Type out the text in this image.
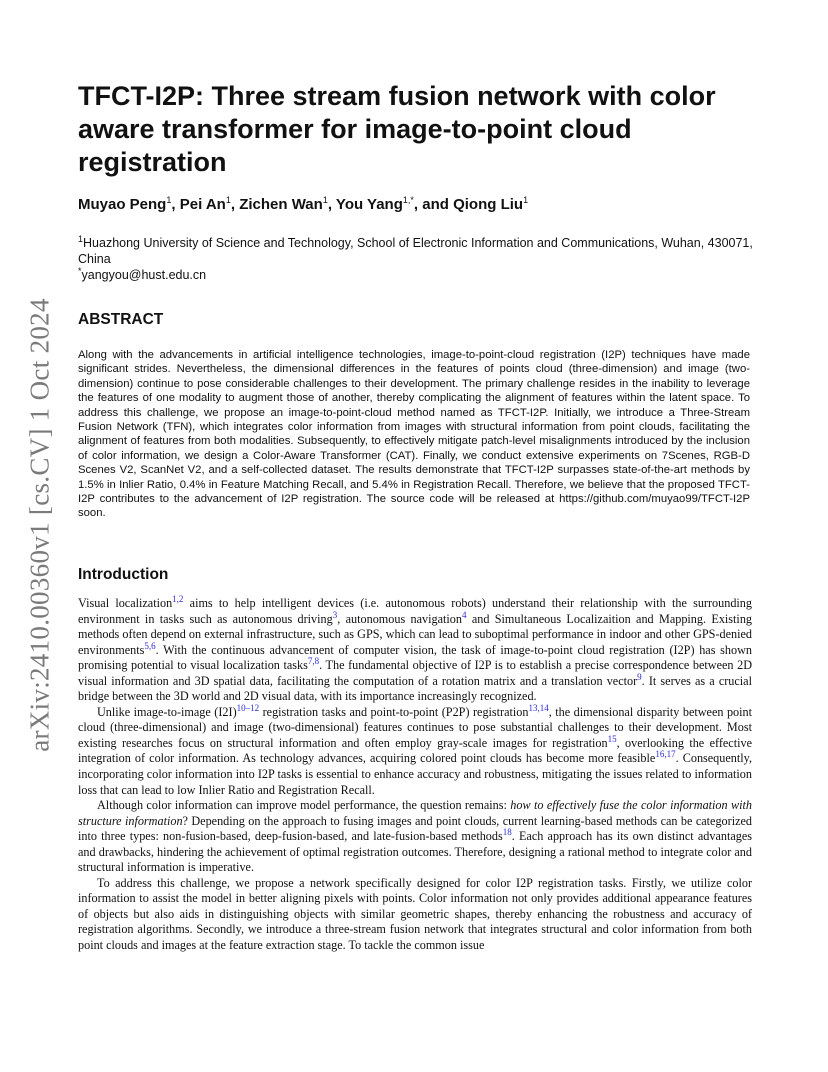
arXiv:2410.00360v1 [cs.CV] 1 Oct 2024
TFCT-I2P: Three stream fusion network with color aware transformer for image-to-point cloud registration
Muyao Peng$^1$, Pei An$^1$, Zichen Wan$^1$, You Yang$^{1,*}$, and Qiong Liu$^1$
$^1$Huazhong University of Science and Technology, School of Electronic Information and Communications, Wuhan, 430071, China
*yangyou@hust.edu.cn
ABSTRACT

Along with the advancements in artificial intelligence technologies, image-to-point-cloud registration (I2P) techniques have made significant strides. Nevertheless, the dimensional differences in the features of points cloud (three-dimension) and image (two-dimension) continue to pose considerable challenges to their development. The primary challenge resides in the inability to leverage the features of one modality to augment those of another, thereby complicating the alignment of features within the latent space. To address this challenge, we propose an image-to-point-cloud method named as TFCT-I2P. Initially, we introduce a Three-Stream Fusion Network (TFN), which integrates color information from images with structural information from point clouds, facilitating the alignment of features from both modalities. Subsequently, to effectively mitigate patch-level misalignments introduced by the inclusion of color information, we design a Color-Aware Transformer (CAT). Finally, we conduct extensive experiments on 7Scenes, RGB-D Scenes V2, ScanNet V2, and a self-collected dataset. The results demonstrate that TFCT-I2P surpasses state-of-the-art methods by 1.5% in Inlier Ratio, 0.4% in Feature Matching Recall, and 5.4% in Registration Recall. Therefore, we believe that the proposed TFCT-I2P contributes to the advancement of I2P registration. The source code will be released at https://github.com/muyao99/TFCT-I2P soon.

Introduction

Visual localization$^{1,2}$ aims to help intelligent devices (i.e. autonomous robots) understand their relationship with the surrounding environment in tasks such as autonomous driving$^3$, autonomous navigation$^4$ and Simultaneous Localizaition and Mapping. Existing methods often depend on external infrastructure, such as GPS, which can lead to suboptimal performance in indoor and other GPS-denied environments$^{5,6}$. With the continuous advancement of computer vision, the task of image-to-point cloud registration (I2P) has shown promising potential to visual localization tasks$^{7,8}$. The fundamental objective of I2P is to establish a precise correspondence between 2D visual information and 3D spatial data, facilitating the computation of a rotation matrix and a translation vector$^9$. It serves as a crucial bridge between the 3D world and 2D visual data, with its importance increasingly recognized.

Unlike image-to-image (I2I)$^{10-12}$ registration tasks and point-to-point (P2P) registration$^{13,14}$, the dimensional disparity between point cloud (three-dimensional) and image (two-dimensional) features continues to pose substantial challenges to their development. Most existing researches focus on structural information and often employ gray-scale images for registration$^{15}$, overlooking the effective integration of color information. As technology advances, acquiring colored point clouds has become more feasible$^{16,17}$. Consequently, incorporating color information into I2P tasks is essential to enhance accuracy and robustness, mitigating the issues related to information loss that can lead to low Inlier Ratio and Registration Recall.

Although color information can improve model performance, the question remains: how to effectively fuse the color information with structure information? Depending on the approach to fusing images and point clouds, current learning-based methods can be categorized into three types: non-fusion-based, deep-fusion-based, and late-fusion-based methods$^{18}$. Each approach has its own distinct advantages and drawbacks, hindering the achievement of optimal registration outcomes. Therefore, designing a rational method to integrate color and structural information is imperative.

To address this challenge, we propose a network specifically designed for color I2P registration tasks. Firstly, we utilize color information to assist the model in better aligning pixels with points. Color information not only provides additional appearance features of objects but also aids in distinguishing objects with similar geometric shapes, thereby enhancing the robustness and accuracy of registration algorithms. Secondly, we introduce a three-stream fusion network that integrates structural and color information from both point clouds and images at the feature extraction stage. To tackle the common issue
